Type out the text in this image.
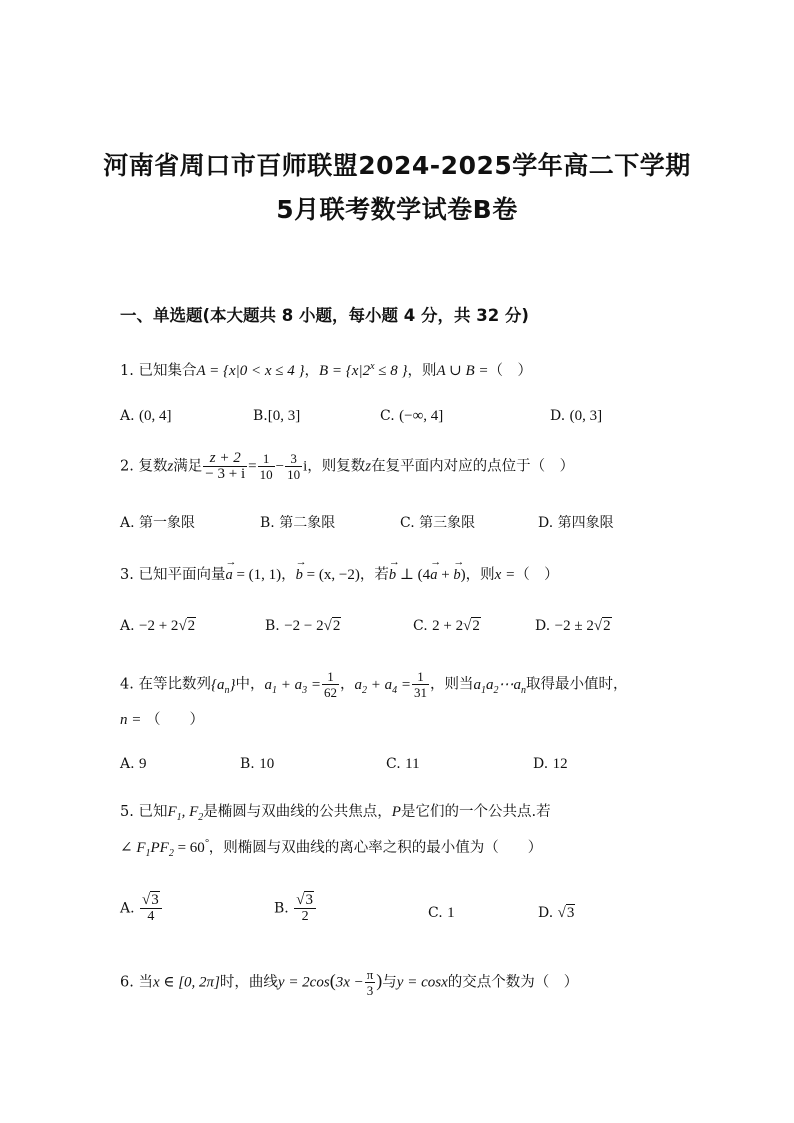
河南省周口市百师联盟2024-2025学年高二下学期
5月联考数学试卷B卷
一、单选题(本大题共 8 小题，每小题 4 分，共 32 分)
1. 已知集合A = {x|0 < x ≤ 4 }，$B = \{x|2^x \le 8$ }，则A ∪ B =（　）
A. (0, 4]	B.[0, 3]	C. (−∞, 4]	D. (0, 3]
2. 复数z满足 $\frac{z + 2}{- 3 + i} = \frac{1}{10} - \frac{3}{10}$ i，则复数z在复平面内对应的点位于（　）
A. 第一象限	B. 第二象限	C. 第三象限	D. 第四象限
3. 已知平面向量→ a = (1, 1)，→ b = (x, −2)，若→ b ⊥ (4→ a + → b)，则x =（　）
A. −2 + 2√2	B. −2 − 2√2	C. 2 + 2√2	D. −2 ± 2√2
4. 在等比数列$\{a_n\}$中，$a_1 + a_3 = \frac{1}{62}$ ，$a_2 + a_4 = \frac{1}{31}$ ，则当$a_1a_2\cdots a_n$取得最小值时，
n = （　　）
A. 9	B. 10	C. 11	D. 12
5. 已知$F_1$, $F_2$是椭圆与双曲线的公共焦点，P是它们的一个公共点.若
∠ $F_1PF_2 = 60^\circ$，则椭圆与双曲线的离心率之积的最小值为（　　）
A. $\frac{√3}{4}$	B. $\frac{√3}{2}$	C. 1	D. √3
6. 当x ∈ [0, 2π]时，曲线$y = 2\cos(3x - \frac{\pi}{3}$ )与y = cosx的交点个数为（　）
